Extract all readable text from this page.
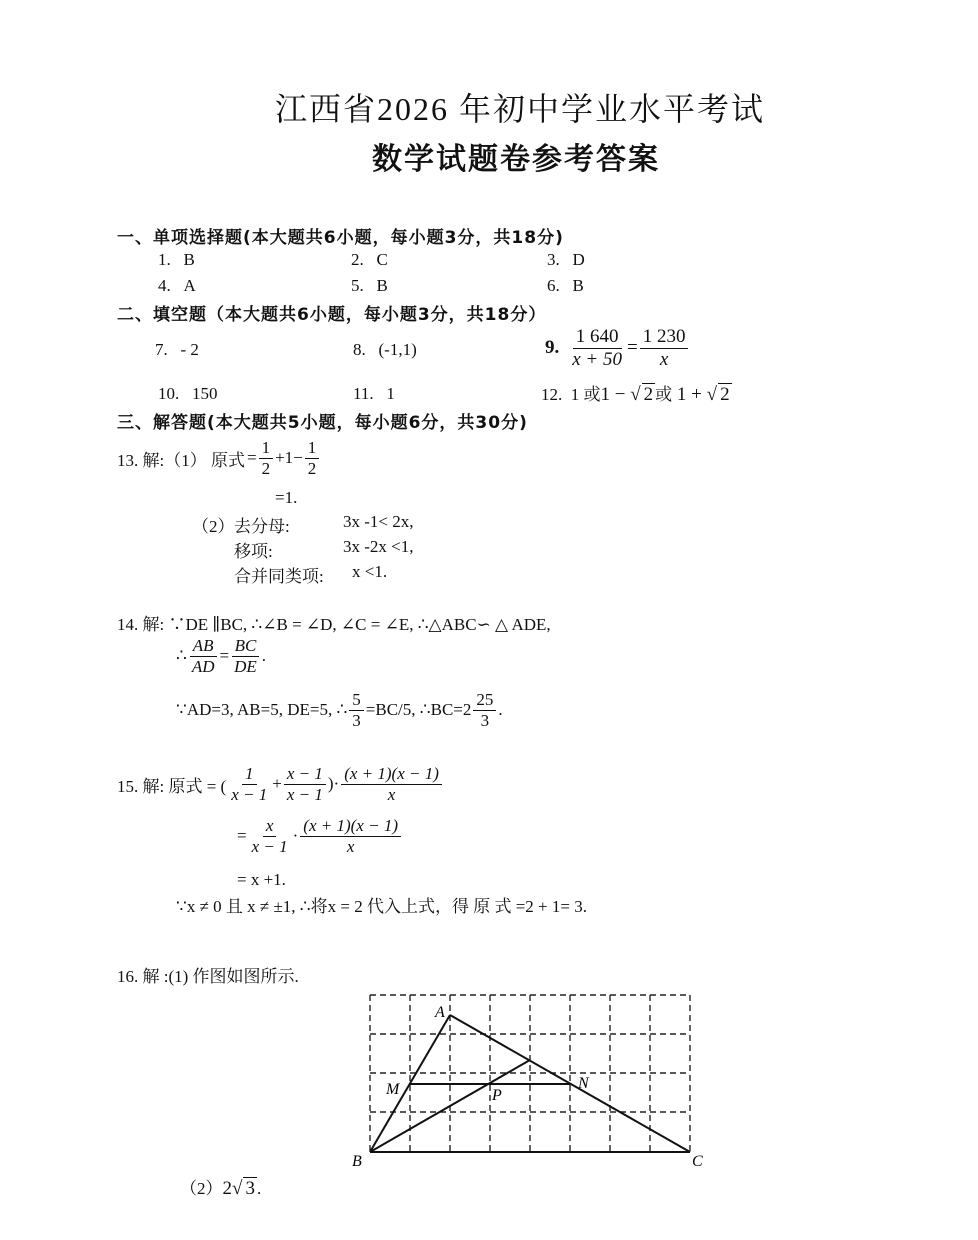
江西省2026 年初中学业水平考试
数学试题卷参考答案
一、单项选择题(本大题共6小题，每小题3分，共18分)
1. B	2. C	3. D
4. A	5. B	6. B
二、填空题（本大题共6小题，每小题3分，共18分）
7. - 2	8. (-1,1)	9. $\frac{1 640}{x + 50} = \frac{1 230}{x}$
10. 150	11. 1	12. 1 或1 − √ 2 或 1 + √ 2
三、解答题(本大题共5小题，每小题6分，共30分)
13. 解:（1） 原式 = $\frac{1}{2} +1- \frac{1}{2}$
=1.
（2） 去分母:	3x -1< 2x,
移项:	3x -2x <1,
合并同类项: x <1.
14. 解: ∵DE ∥BC, ∴∠B = ∠D, ∠C = ∠E, ∴△ABC∽ △ ADE,
∴ $\frac{AB}{AD} = \frac{BC}{DE}$ .
∵AD=3, AB=5, DE=5, ∴ $\frac{5}{3} =BC/5$, ∴BC=2 $\frac{25}{3}$ .
15. 解: 原式 = ( $\frac{1}{x - 1} + \frac{x - 1}{x - 1}$ )· $\frac{(x + 1)(x - 1)}{x}$
= $\frac{x}{x - 1} \cdot \frac{(x + 1)(x - 1)}{x}$
= x +1.
∵x ≠ 0 且 x ≠ ±1, ∴将x = 2 代入上式，得 原 式 =2 + 1= 3.
16. 解 :(1) 作图如图所示.
A
B	C
M	N
P
（2）2√ 3 .
